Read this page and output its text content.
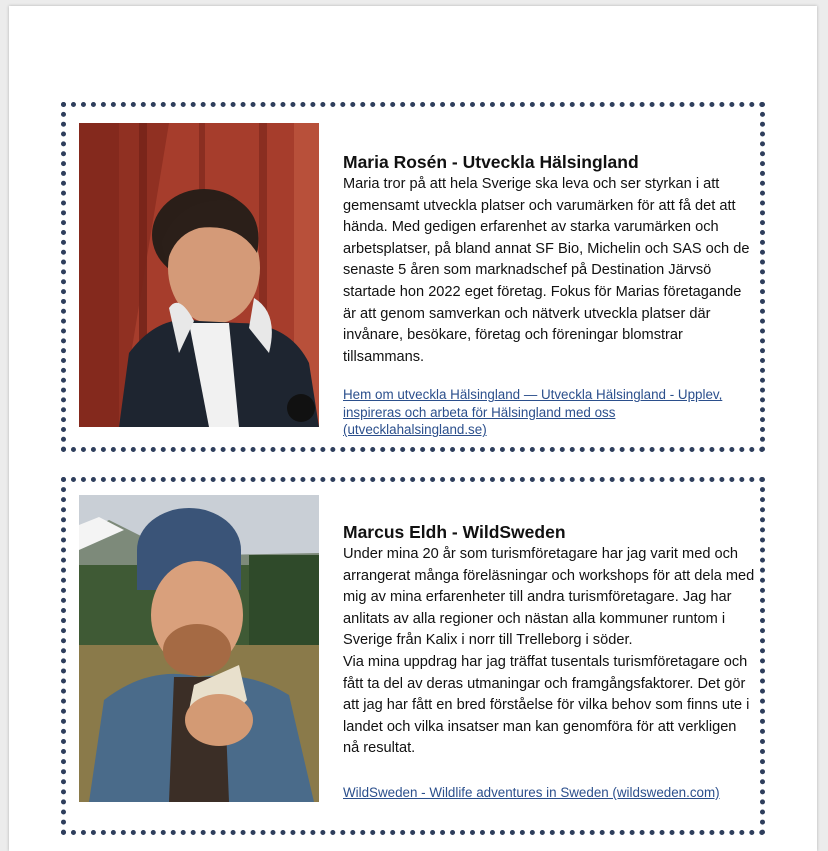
Maria Rosén - Utveckla Hälsingland

Maria tror på att hela Sverige ska leva och ser styrkan i att gemensamt utveckla platser och varumärken för att få det att hända. Med gedigen erfarenhet av starka varumärken och arbetsplatser, på bland annat SF Bio, Michelin och SAS och de senaste 5 åren som marknadschef på Destination Järvsö startade hon 2022 eget företag. Fokus för Marias företagande är att genom samverkan och nätverk utveckla platser där invånare, besökare, företag och föreningar blomstrar tillsammans.

Hem om utveckla Hälsingland — Utveckla Hälsingland - Upplev, inspireras och arbeta för Hälsingland med oss (utvecklahalsingland.se)
Marcus Eldh - WildSweden

Under mina 20 år som turismföretagare har jag varit med och arrangerat många föreläsningar och workshops för att dela med mig av mina erfarenheter till andra turismföretagare. Jag har anlitats av alla regioner och nästan alla kommuner runtom i Sverige från Kalix i norr till Trelleborg i söder.

Via mina uppdrag har jag träffat tusentals turismföretagare och fått ta del av deras utmaningar och framgångsfaktorer. Det gör att jag har fått en bred förståelse för vilka behov som finns ute i landet och vilka insatser man kan genomföra för att verkligen nå resultat.

WildSweden - Wildlife adventures in Sweden (wildsweden.com)
